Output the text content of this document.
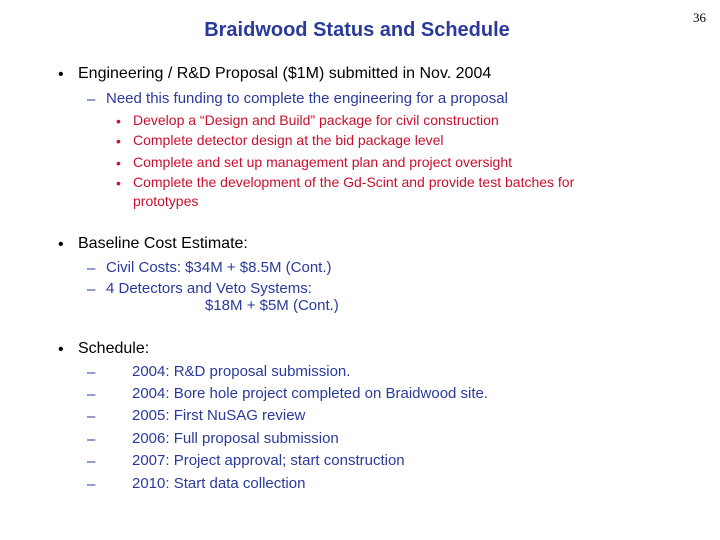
36
Braidwood Status and Schedule
• Engineering / R&D Proposal ($1M) submitted in Nov. 2004
– Need this funding to complete the engineering for a proposal
• Develop a “Design and Build” package for civil construction
• Complete detector design at the bid package level
• Complete and set up management plan and project oversight
• Complete the development of the Gd-Scint and provide test batches for
prototypes
• Baseline Cost Estimate:
– Civil Costs: $34M + $8.5M (Cont.)
– 4 Detectors and Veto Systems:
$18M + $5M (Cont.)
• Schedule:
– 2004: R&D proposal submission.
– 2004: Bore hole project completed on Braidwood site.
– 2005: First NuSAG review
– 2006: Full proposal submission
– 2007: Project approval; start construction
– 2010: Start data collection
